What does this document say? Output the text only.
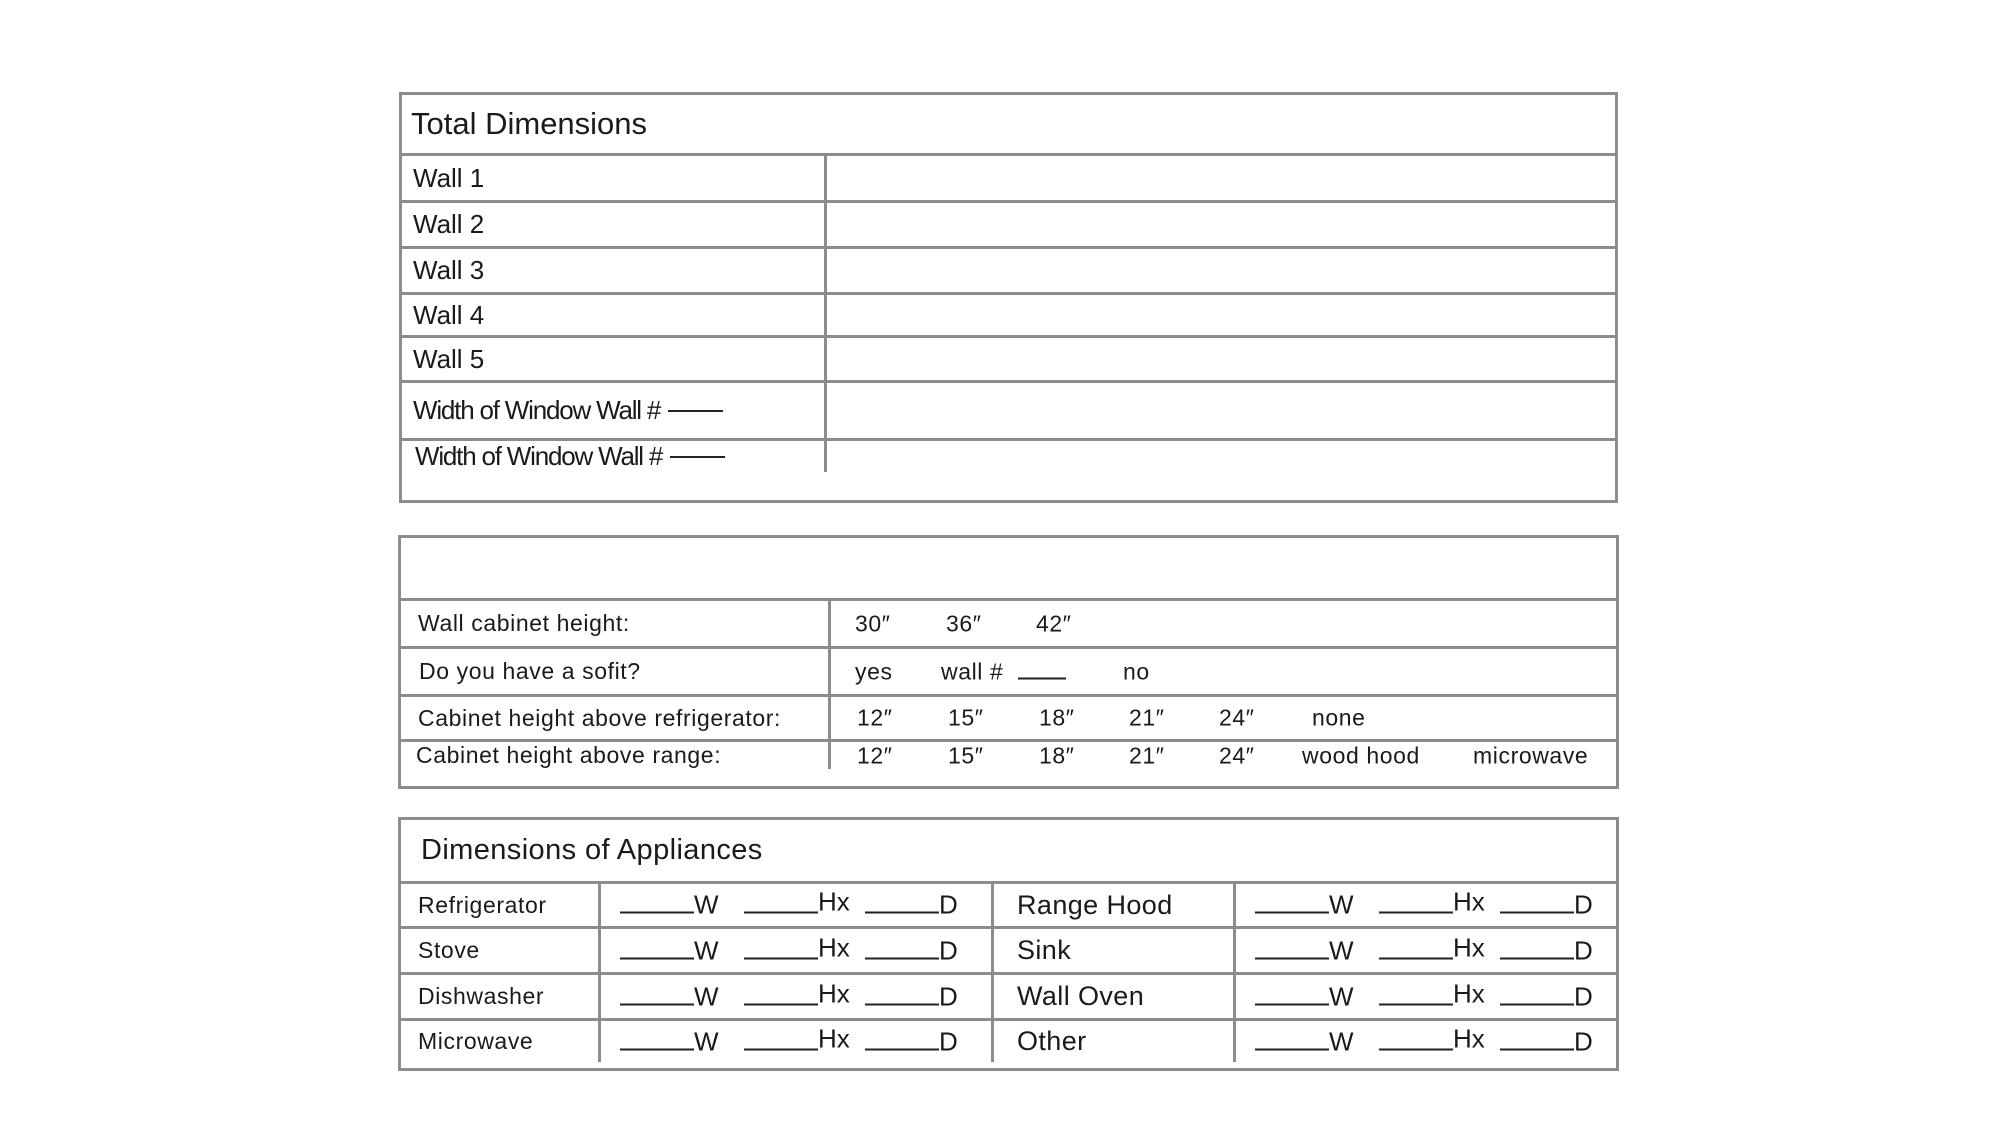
Total Dimensions
Wall 1
Wall 2
Wall 3
Wall 4
Wall 5
Width of Window Wall #
Width of Window Wall #
Wall cabinet height:	30″ 36″ 42″
Do you have a sofit?	yes wall #	no
Cabinet height above refrigerator:	12″ 15″ 18″ 21″ 24″ none
Cabinet height above range:	12″ 15″ 18″ 21″ 24″ wood hood microwave
Dimensions of Appliances
Refrigerator	W	Hx	D	Range Hood	W	Hx	D
Stove	W	Hx	D	Sink	W	Hx	D
Dishwasher	W	Hx	D	Wall Oven	W	Hx	D
Microwave	W	Hx	D	Other	W	Hx	D
